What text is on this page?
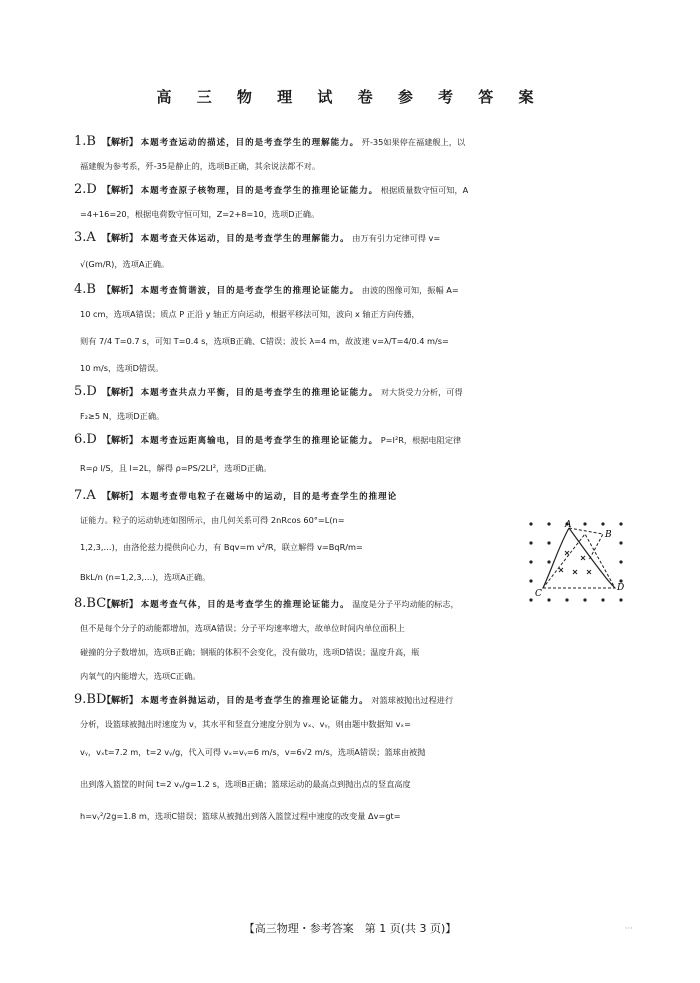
高 三 物 理 试 卷 参 考 答 案
1.B 【解析】 本题考查运动的描述，目的是考查学生的理解能力。 歼-35如果停在福建舰上，以
福建舰为参考系，歼-35是静止的，选项B正确，其余说法都不对。
2.D 【解析】 本题考查原子核物理，目的是考查学生的推理论证能力。 根据质量数守恒可知，A
=4+16=20，根据电荷数守恒可知，Z=2+8=10，选项D正确。
3.A 【解析】 本题考查天体运动，目的是考查学生的理解能力。 由万有引力定律可得 v=
√(Gm/R)，选项A正确。
4.B 【解析】 本题考查简谐波，目的是考查学生的推理论证能力。 由波的图像可知，振幅 A=
10 cm，选项A错误；质点 P 正沿 y 轴正方向运动，根据平移法可知，波向 x 轴正方向传播，
则有 7/4 T=0.7 s，可知 T=0.4 s，选项B正确、C错误；波长 λ=4 m，故波速 v=λ/T=4/0.4 m/s=
10 m/s，选项D错误。
5.D 【解析】 本题考查共点力平衡，目的是考查学生的推理论证能力。 对大货受力分析，可得
F₂≥5 N，选项D正确。
6.D 【解析】 本题考查远距离输电，目的是考查学生的推理论证能力。 P=I²R，根据电阻定律
R=ρ l/S，且 l=2L，解得 ρ=PS/2LI²，选项D正确。
7.A 【解析】 本题考查带电粒子在磁场中的运动，目的是考查学生的推理论
证能力。粒子的运动轨迹如图所示，由几何关系可得 2nRcos 60°=L(n=
1,2,3,…)，由洛伦兹力提供向心力，有 Bqv=m v²/R，联立解得 v=BqR/m=
BkL/n (n=1,2,3,…)，选项A正确。
8.BC
【解析】 本题考查气体，目的是考查学生的推理论证能力。 温度是分子平均动能的标志，
但不是每个分子的动能都增加，选项A错误；分子平均速率增大，故单位时间内单位面积上
碰撞的分子数增加，选项B正确；钢瓶的体积不会变化，没有做功，选项D错误；温度升高，瓶
内氧气的内能增大，选项C正确。
9.BD
【解析】 本题考查斜抛运动，目的是考查学生的推理论证能力。 对篮球被抛出过程进行
分析，设篮球被抛出时速度为 v，其水平和竖直分速度分别为 vₓ、vᵧ，则由题中数据知 vₓ=
vᵧ，vₓt=7.2 m，t=2 vᵧ/g，代入可得 vₓ=vᵧ=6 m/s，v=6√2 m/s，选项A错误；篮球由被抛
出到落入篮筐的时间 t=2 vᵧ/g=1.2 s，选项B正确；篮球运动的最高点到抛出点的竖直高度
h=vᵧ²/2g=1.8 m，选项C错误；篮球从被抛出到落入篮筐过程中速度的改变量 Δv=gt=
A
B
C
D
【高三物理・参考答案　第 1 页(共 3 页)】	···
